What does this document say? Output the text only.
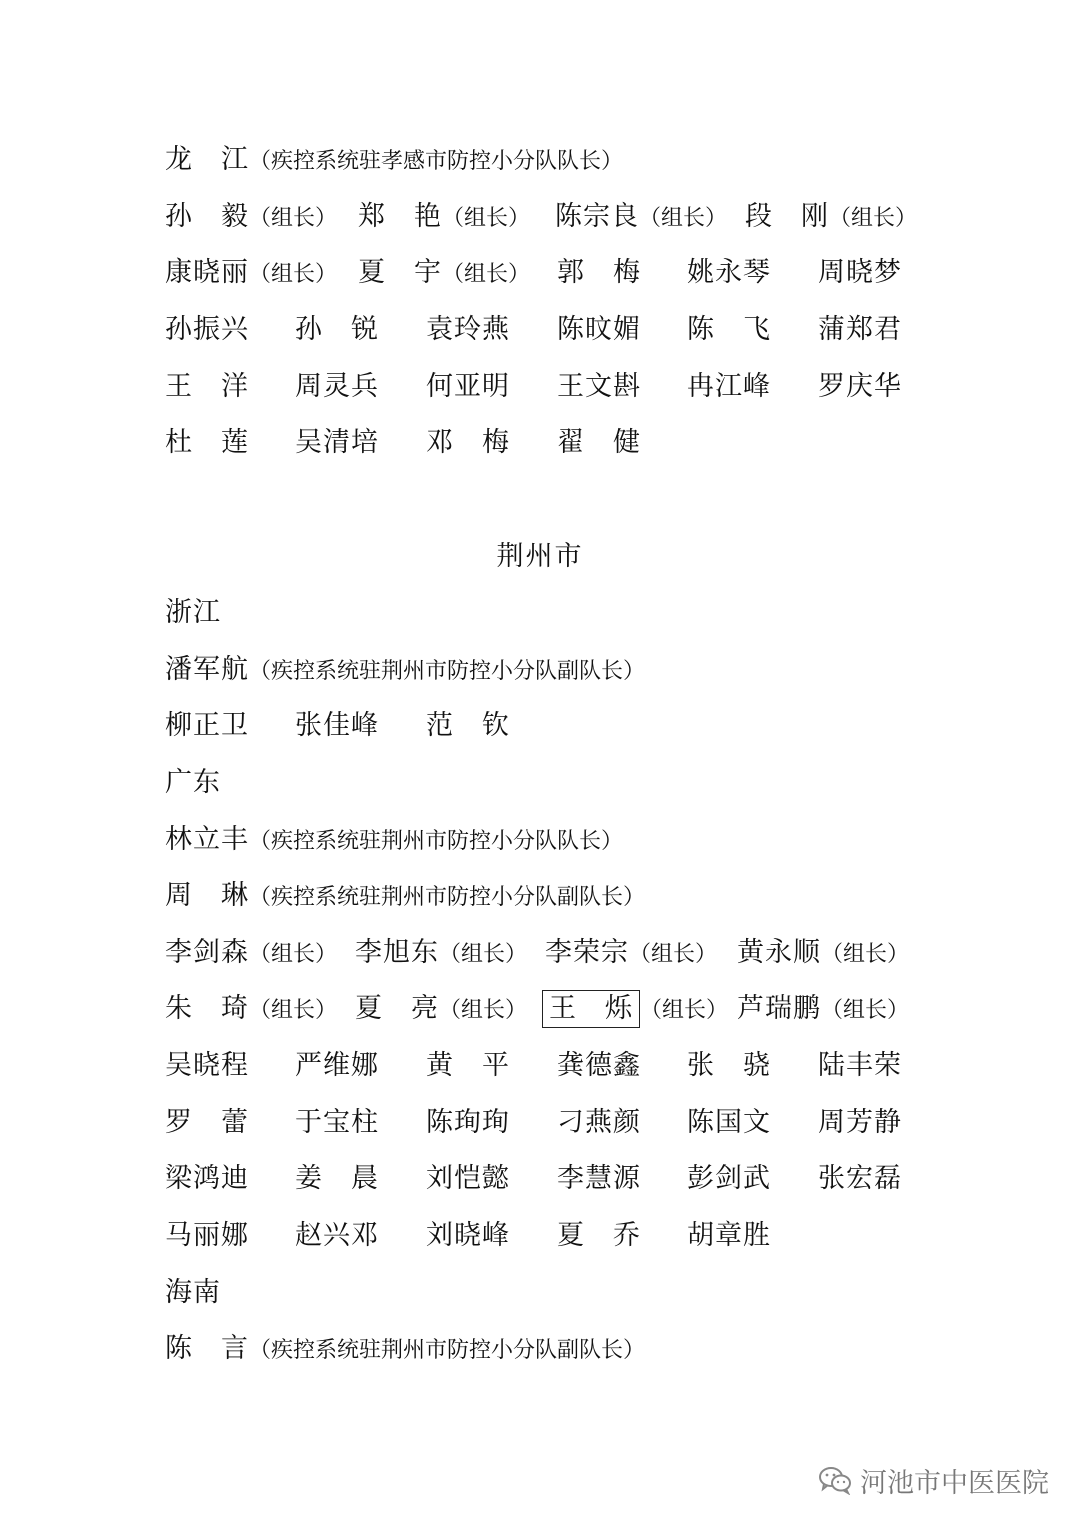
龙　江（疾控系统驻孝感市防控小分队队长）
孙　毅（组长） 郑　艳（组长） 陈宗良（组长） 段　刚（组长）
康晓丽（组长） 夏　宇（组长） 郭　梅 姚永琴 周晓梦
孙振兴 孙　锐 袁玲燕 陈旼媚 陈　飞 蒲郑君
王　洋 周灵兵 何亚明 王文斟 冉江峰 罗庆华
杜　莲 吴清培 邓　梅 翟　健
荆州市
浙江
潘军航（疾控系统驻荆州市防控小分队副队长）
柳正卫 张佳峰 范　钦
广东
林立丰（疾控系统驻荆州市防控小分队队长）
周　琳（疾控系统驻荆州市防控小分队副队长）
李剑森（组长） 李旭东（组长） 李荣宗（组长） 黄永顺（组长）
朱　琦（组长） 夏　亮（组长） 王　烁 （组长） 芦瑞鹏（组长）
吴晓程 严维娜 黄　平 龚德鑫 张　骁 陆丰荣
罗　蕾 于宝柱 陈珣珣 刁燕颜 陈国文 周芳静
梁鸿迪 姜　晨 刘恺懿 李慧源 彭剑武 张宏磊
马丽娜 赵兴邓 刘晓峰 夏　乔 胡章胜
海南
陈　言（疾控系统驻荆州市防控小分队副队长）
河池市中医医院
